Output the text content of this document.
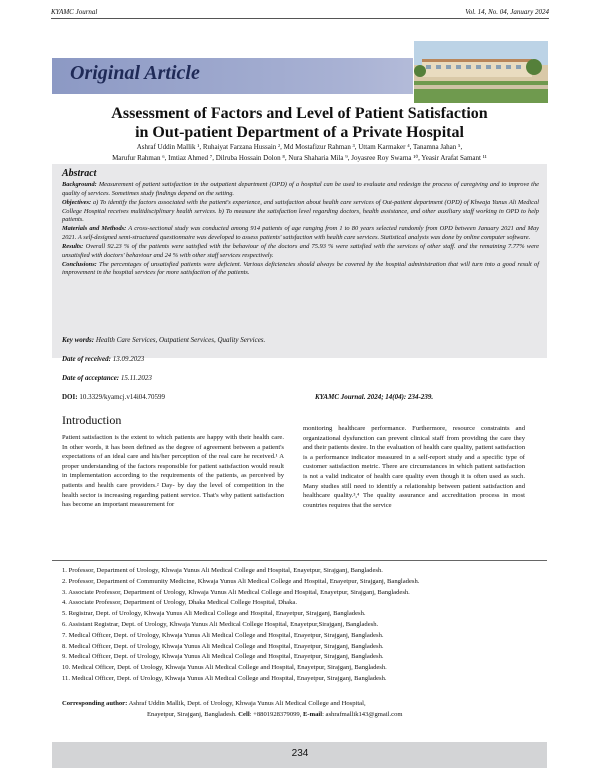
KYAMC Journal	Vol. 14, No. 04, January 2024
Original Article
Assessment of Factors and Level of Patient Satisfaction
in Out-patient Department of a Private Hospital
Ashraf Uddin Mallik ¹, Ruhaiyat Farzana Hussain ², Md Mostafizur Rahman ³, Uttam Karmaker ⁴, Tanamna Jahan ⁵,
Marufur Rahman ⁶, Imtiaz Ahmed ⁷, Dilruba Hossain Dolon ⁸, Nura Shaharia Mila ⁹, Joyasree Roy Swarna ¹⁰, Yeasir Arafat Samant ¹¹
Abstract

Background: Measurement of patient satisfaction in the outpatient department (OPD) of a hospital can be used to evaluate and redesign the process of caregiving and to improve the quality of services. Sometimes study findings depend on the setting.

Objectives: a) To identify the factors associated with the patient's experience, and satisfaction about health care services of Out-patient department (OPD) of Khwaja Yunus Ali Medical College Hospital receives multidisciplinary health services. b) To measure the satisfaction level regarding doctors, health assistance, and other auxiliary staff working in OPD to help patients.

Materials and Methods: A cross-sectional study was conducted among 914 patients of age ranging from 1 to 80 years selected randomly from OPD between January 2021 and May 2021. A self-designed semi-structured questionnaire was developed to assess patients' satisfaction with health care services. Statistical analysis was done by online computer software.

Results: Overall 92.23 % of the patients were satisfied with the behaviour of the doctors and 75.93 % were satisfied with the services of other staff. and the remaining 7.77% were unsatisfied with doctors' behaviour and 24 % with other staff services respectively.

Conclusions: The percentages of unsatisfied patients were deficient. Various deficiencies should always be covered by the hospital administration that will turn into a good result of improvement in the hospital services for more satisfaction of the patients.

Key words: Health Care Services, Outpatient Services, Quality Services.
Date of received: 13.09.2023
Date of acceptance: 15.11.2023
DOI: 10.3329/kyamcj.v14i04.70599	KYAMC Journal. 2024; 14(04): 234-239.
Introduction
Patient satisfaction is the extent to which patients are happy with their health care. In other words, it has been defined as the degree of agreement between a patient's expectations of an ideal care and his/her perception of the real care he received.¹ A proper understanding of the factors responsible for patient satisfaction would result in implementation according to the requirements of the patients, as perceived by patients and health care providers.² Day- by day the level of competition in the health sector is increasing regarding patient service. That's why patient satisfaction has become an important measurement for
monitoring healthcare performance. Furthermore, resource constraints and organizational dysfunction can prevent clinical staff from providing the care they and their patients desire. In the evaluation of health care quality, patient satisfaction is a performance indicator measured in a self-report study and a specific type of customer satisfaction metric. There are circumstances in which patient satisfaction is not a valid indicator of health care quality even though it is often used as such. Many studies still need to identify a relationship between patient satisfaction and healthcare quality.³,⁴ The quality assurance and accreditation process in most countries requires that the service
1. Professor, Department of Urology, Khwaja Yunus Ali Medical College and Hospital, Enayetpur, Sirajganj, Bangladesh.
2. Professor, Department of Community Medicine, Khwaja Yunus Ali Medical College and Hospital, Enayetpur, Sirajganj, Bangladesh.
3. Associate Professor, Department of Urology, Khwaja Yunus Ali Medical College and Hospital, Enayetpur, Sirajganj, Bangladesh.
4. Associate Professor, Department of Urology, Dhaka Medical College Hospital, Dhaka.
5. Registrar, Dept. of Urology, Khwaja Yunus Ali Medical College and Hospital, Enayetpur, Sirajganj, Bangladesh.
6. Assistant Registrar, Dept. of Urology, Khwaja Yunus Ali Medical College Hospital, Enayetpur,Sirajganj, Bangladesh.
7. Medical Officer, Dept. of Urology, Khwaja Yunus Ali Medical College and Hospital, Enayetpur, Sirajganj, Bangladesh.
8. Medical Officer, Dept. of Urology, Khwaja Yunus Ali Medical College and Hospital, Enayetpur, Sirajganj, Bangladesh.
9. Medical Officer, Dept. of Urology, Khwaja Yunus Ali Medical College and Hospital, Enayetpur, Sirajganj, Bangladesh.
10. Medical Officer, Dept. of Urology, Khwaja Yunus Ali Medical College and Hospital, Enayetpur, Sirajganj, Bangladesh.
11. Medical Officer, Dept. of Urology, Khwaja Yunus Ali Medical College and Hospital, Enayetpur, Sirajganj, Bangladesh.
Corresponding author: Ashraf Uddin Mallik, Dept. of Urology, Khwaja Yunus Ali Medical College and Hospital,
Enayetpur, Sirajganj, Bangladesh. Cell: +8801928379099, E-mail: ashrafmallik143@gmail.com
234
